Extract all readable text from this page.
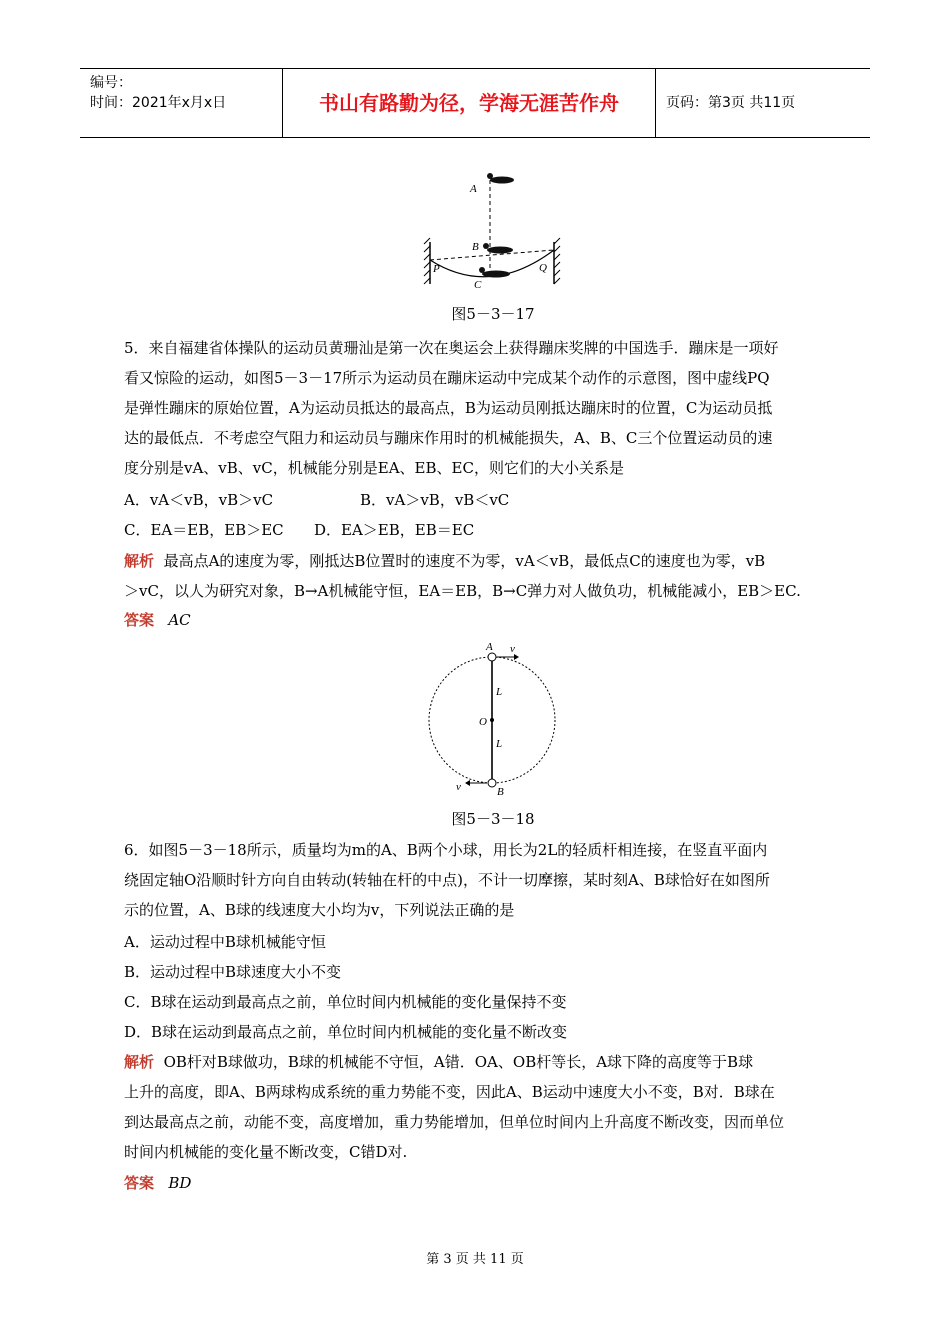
编号：
时间：2021年x月x日	书山有路勤为径，学海无涯苦作舟	页码：第3页 共11页
A
B
C
P	Q
图5－3－17
5．来自福建省体操队的运动员黄珊汕是第一次在奥运会上获得蹦床奖牌的中国选手．蹦床是一项好
看又惊险的运动，如图5－3－17所示为运动员在蹦床运动中完成某个动作的示意图，图中虚线PQ
是弹性蹦床的原始位置，A为运动员抵达的最高点，B为运动员刚抵达蹦床时的位置，C为运动员抵
达的最低点．不考虑空气阻力和运动员与蹦床作用时的机械能损失，A、B、C三个位置运动员的速
度分别是vA、vB、vC，机械能分别是EA、EB、EC，则它们的大小关系是
A．vA＜vB，vB＞vC	B．vA＞vB，vB＜vC
C．EA＝EB，EB＞EC D．EA＞EB，EB＝EC
解析 最高点A的速度为零，刚抵达B位置时的速度不为零，vA＜vB，最低点C的速度也为零，vB
＞vC，以人为研究对象，B→A机械能守恒，EA＝EB，B→C弹力对人做负功，机械能减小，EB＞EC.
答案 AC
A v
L
O
L
v	B
图5－3－18
6．如图5－3－18所示，质量均为m的A、B两个小球，用长为2L的轻质杆相连接，在竖直平面内
绕固定轴O沿顺时针方向自由转动(转轴在杆的中点)，不计一切摩擦，某时刻A、B球恰好在如图所
示的位置，A、B球的线速度大小均为v，下列说法正确的是
A．运动过程中B球机械能守恒
B．运动过程中B球速度大小不变
C．B球在运动到最高点之前，单位时间内机械能的变化量保持不变
D．B球在运动到最高点之前，单位时间内机械能的变化量不断改变
解析 OB杆对B球做功，B球的机械能不守恒，A错．OA、OB杆等长，A球下降的高度等于B球
上升的高度，即A、B两球构成系统的重力势能不变，因此A、B运动中速度大小不变，B对．B球在
到达最高点之前，动能不变，高度增加，重力势能增加，但单位时间内上升高度不断改变，因而单位
时间内机械能的变化量不断改变，C错D对.
答案 BD
第 3 页 共 11 页
